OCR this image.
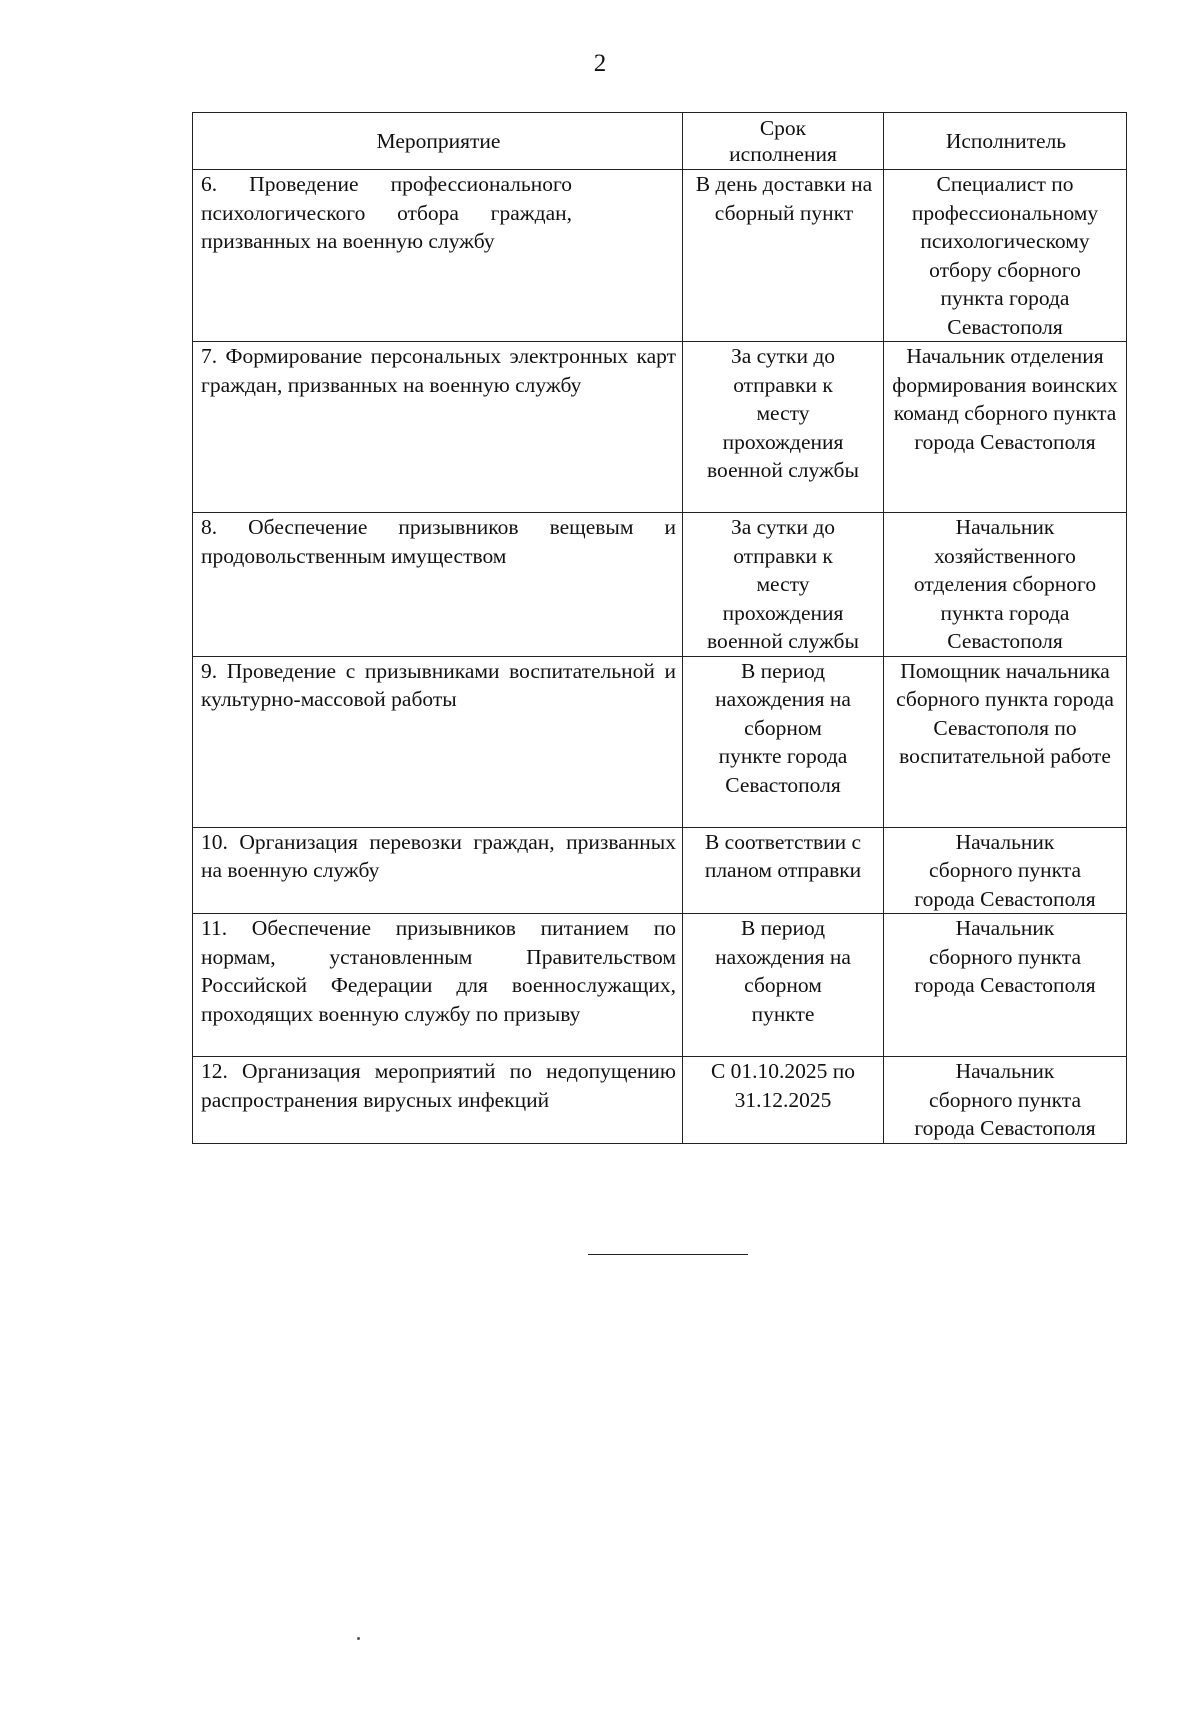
2
Мероприятие	Срок исполнения	Исполнитель
6. Проведение профессионального психологического отбора граждан, призванных на военную службу	В день доставки на сборный пункт	Специалист по профессиональному психологическому отбору сборного пункта города Севастополя
7. Формирование персональных электронных карт граждан, призванных на военную службу	За сутки до отправки к месту прохождения военной службы	Начальник отделения формирования воинских команд сборного пункта города Севастополя
8. Обеспечение призывников вещевым и продовольственным имуществом	За сутки до отправки к месту прохождения военной службы	Начальник хозяйственного отделения сборного пункта города Севастополя
9. Проведение с призывниками воспитательной и культурно-массовой работы	В период нахождения на сборном пункте города Севастополя	Помощник начальника сборного пункта города Севастополя по воспитательной работе
10. Организация перевозки граждан, призванных на военную службу	В соответствии с планом отправки	Начальник сборного пункта города Севастополя
11. Обеспечение призывников питанием по нормам, установленным Правительством Российской Федерации для военнослужащих, проходящих военную службу по призыву	В период нахождения на сборном пункте	Начальник сборного пункта города Севастополя
12. Организация мероприятий по недопущению распространения вирусных инфекций	С 01.10.2025 по 31.12.2025	Начальник сборного пункта города Севастополя
